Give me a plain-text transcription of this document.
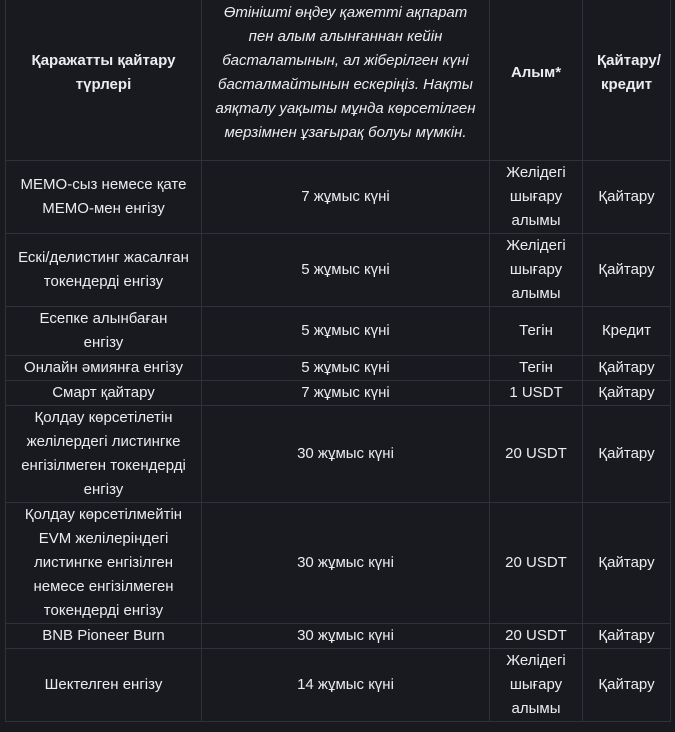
Қаражатты қайтару түрлері	Өтінішті өңдеу қажетті ақпарат пен алым алынғаннан кейін басталатынын, ал жіберілген күні басталмайтынын ескеріңіз. Нақты аяқталу уақыты мұнда көрсетілген мерзімнен ұзағырақ болуы мүмкін.	Алым*	Қайтару/ кредит
MEMO-сыз немесе қате MEMO-мен енгізу	7 жұмыс күні	Желідегі шығару алымы	Қайтару
Ескі/делистинг жасалған токендерді енгізу	5 жұмыс күні	Желідегі шығару алымы	Қайтару
Есепке алынбаған енгізу	5 жұмыс күні	Тегін	Кредит
Онлайн әмиянға енгізу	5 жұмыс күні	Тегін	Қайтару
Смарт қайтару	7 жұмыс күні	1 USDT	Қайтару
Қолдау көрсетілетін желілердегі листингке енгізілмеген токендерді енгізу	30 жұмыс күні	20 USDT	Қайтару
Қолдау көрсетілмейтін EVM желілеріндегі листингке енгізілген немесе енгізілмеген токендерді енгізу	30 жұмыс күні	20 USDT	Қайтару
BNB Pioneer Burn	30 жұмыс күні	20 USDT	Қайтару
Шектелген енгізу	14 жұмыс күні	Желідегі шығару алымы	Қайтару
